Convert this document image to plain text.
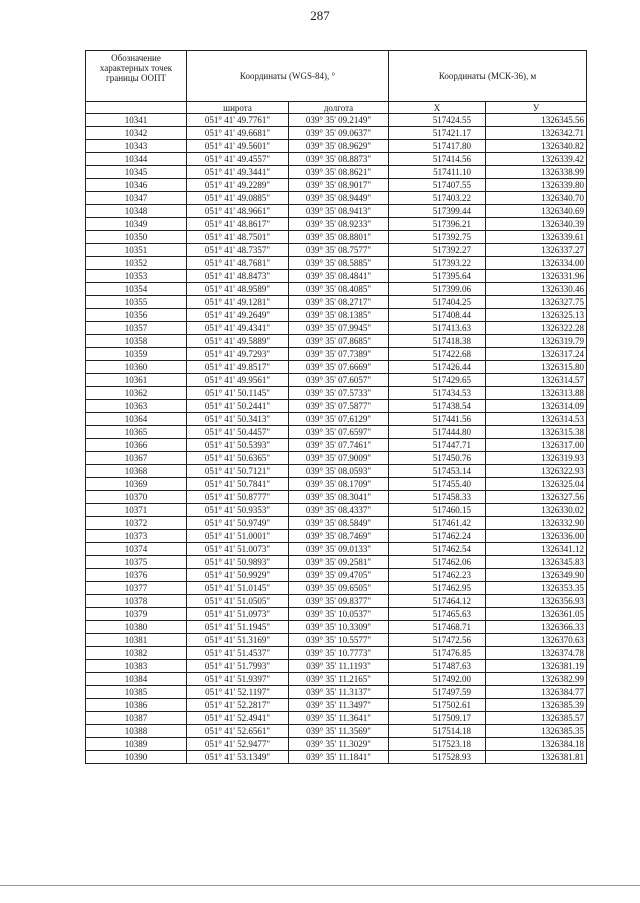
287
Обозначение характерных точек границы ООПТ	Координаты (WGS-84), °		Координаты (МСК-36), м	
	широта	долгота	X	У
10341	051° 41' 49.7761"	039° 35' 09.2149"	517424.55	1326345.56
10342	051° 41' 49.6681"	039° 35' 09.0637"	517421.17	1326342.71
10343	051° 41' 49.5601"	039° 35' 08.9629"	517417.80	1326340.82
10344	051° 41' 49.4557"	039° 35' 08.8873"	517414.56	1326339.42
10345	051° 41' 49.3441"	039° 35' 08.8621"	517411.10	1326338.99
10346	051° 41' 49.2289"	039° 35' 08.9017"	517407.55	1326339.80
10347	051° 41' 49.0885"	039° 35' 08.9449"	517403.22	1326340.70
10348	051° 41' 48.9661"	039° 35' 08.9413"	517399.44	1326340.69
10349	051° 41' 48.8617"	039° 35' 08.9233"	517396.21	1326340.39
10350	051° 41' 48.7501"	039° 35' 08.8801"	517392.75	1326339.61
10351	051° 41' 48.7357"	039° 35' 08.7577"	517392.27	1326337.27
10352	051° 41' 48.7681"	039° 35' 08.5885"	517393.22	1326334.00
10353	051° 41' 48.8473"	039° 35' 08.4841"	517395.64	1326331.96
10354	051° 41' 48.9589"	039° 35' 08.4085"	517399.06	1326330.46
10355	051° 41' 49.1281"	039° 35' 08.2717"	517404.25	1326327.75
10356	051° 41' 49.2649"	039° 35' 08.1385"	517408.44	1326325.13
10357	051° 41' 49.4341"	039° 35' 07.9945"	517413.63	1326322.28
10358	051° 41' 49.5889"	039° 35' 07.8685"	517418.38	1326319.79
10359	051° 41' 49.7293"	039° 35' 07.7389"	517422.68	1326317.24
10360	051° 41' 49.8517"	039° 35' 07.6669"	517426.44	1326315.80
10361	051° 41' 49.9561"	039° 35' 07.6057"	517429.65	1326314.57
10362	051° 41' 50.1145"	039° 35' 07.5733"	517434.53	1326313.88
10363	051° 41' 50.2441"	039° 35' 07.5877"	517438.54	1326314.09
10364	051° 41' 50.3413"	039° 35' 07.6129"	517441.56	1326314.53
10365	051° 41' 50.4457"	039° 35' 07.6597"	517444.80	1326315.38
10366	051° 41' 50.5393"	039° 35' 07.7461"	517447.71	1326317.00
10367	051° 41' 50.6365"	039° 35' 07.9009"	517450.76	1326319.93
10368	051° 41' 50.7121"	039° 35' 08.0593"	517453.14	1326322.93
10369	051° 41' 50.7841"	039° 35' 08.1709"	517455.40	1326325.04
10370	051° 41' 50.8777"	039° 35' 08.3041"	517458.33	1326327.56
10371	051° 41' 50.9353"	039° 35' 08.4337"	517460.15	1326330.02
10372	051° 41' 50.9749"	039° 35' 08.5849"	517461.42	1326332.90
10373	051° 41' 51.0001"	039° 35' 08.7469"	517462.24	1326336.00
10374	051° 41' 51.0073"	039° 35' 09.0133"	517462.54	1326341.12
10375	051° 41' 50.9893"	039° 35' 09.2581"	517462.06	1326345.83
10376	051° 41' 50.9929"	039° 35' 09.4705"	517462.23	1326349.90
10377	051° 41' 51.0145"	039° 35' 09.6505"	517462.95	1326353.35
10378	051° 41' 51.0505"	039° 35' 09.8377"	517464.12	1326356.93
10379	051° 41' 51.0973"	039° 35' 10.0537"	517465.63	1326361.05
10380	051° 41' 51.1945"	039° 35' 10.3309"	517468.71	1326366.33
10381	051° 41' 51.3169"	039° 35' 10.5577"	517472.56	1326370.63
10382	051° 41' 51.4537"	039° 35' 10.7773"	517476.85	1326374.78
10383	051° 41' 51.7993"	039° 35' 11.1193"	517487.63	1326381.19
10384	051° 41' 51.9397"	039° 35' 11.2165"	517492.00	1326382.99
10385	051° 41' 52.1197"	039° 35' 11.3137"	517497.59	1326384.77
10386	051° 41' 52.2817"	039° 35' 11.3497"	517502.61	1326385.39
10387	051° 41' 52.4941"	039° 35' 11.3641"	517509.17	1326385.57
10388	051° 41' 52.6561"	039° 35' 11.3569"	517514.18	1326385.35
10389	051° 41' 52.9477"	039° 35' 11.3029"	517523.18	1326384.18
10390	051° 41' 53.1349"	039° 35' 11.1841"	517528.93	1326381.81
